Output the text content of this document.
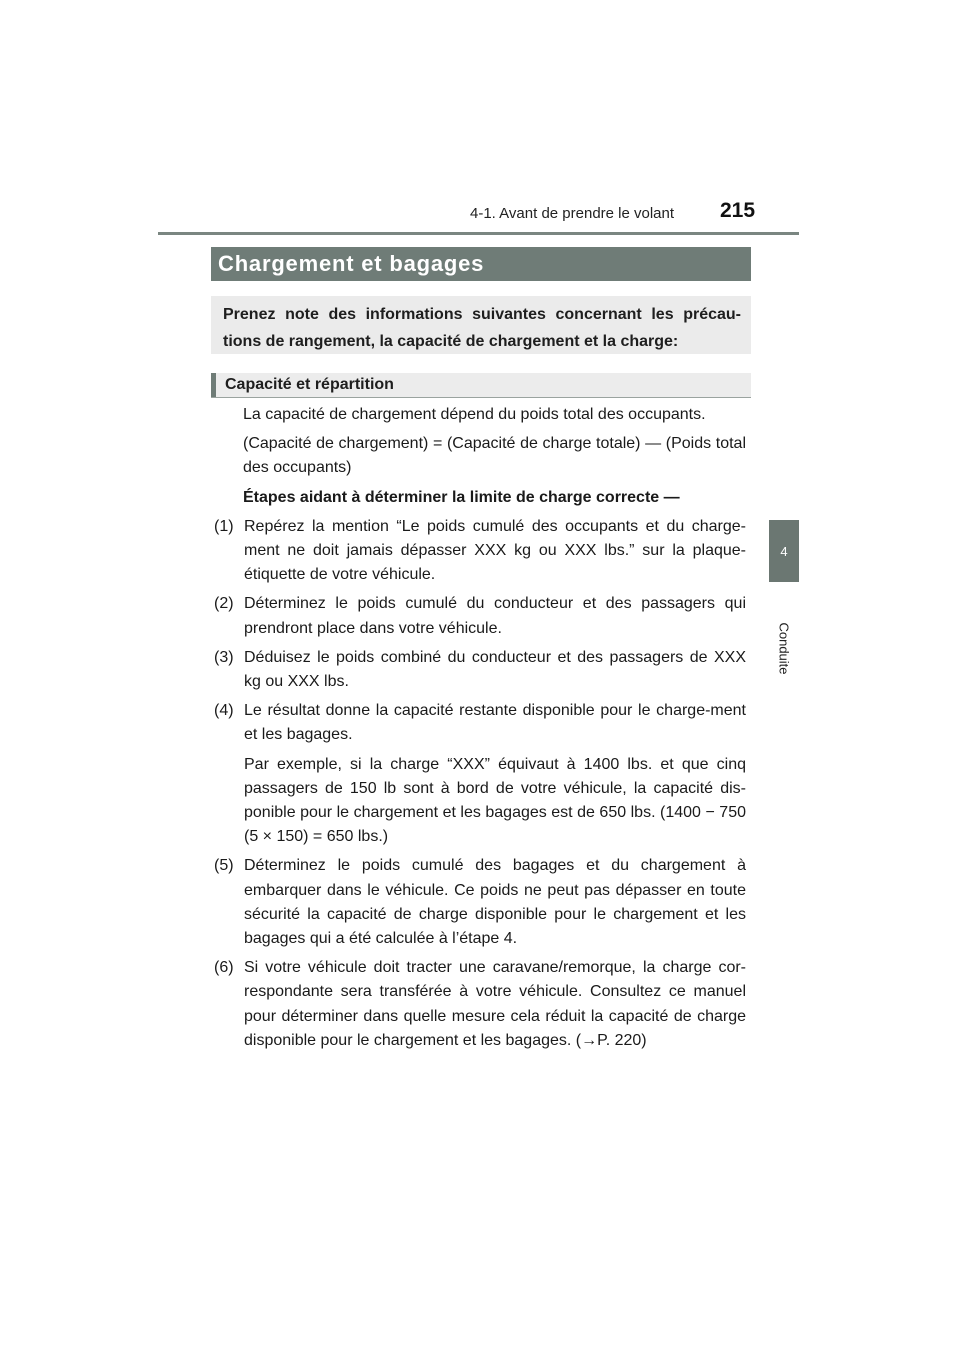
4-1. Avant de prendre le volant 215
4
Conduite
Chargement et bagages
Prenez note des informations suivantes concernant les précau-tions de rangement, la capacité de chargement et la charge:
Capacité et répartition

La capacité de chargement dépend du poids total des occupants.

(Capacité de chargement) = (Capacité de charge totale) — (Poids total des occupants)

Étapes aidant à déterminer la limite de charge correcte —

(1) Repérez la mention “Le poids cumulé des occupants et du charge-ment ne doit jamais dépasser XXX kg ou XXX lbs.” sur la plaque-étiquette de votre véhicule.
(2) Déterminez le poids cumulé du conducteur et des passagers qui prendront place dans votre véhicule.
(3) Déduisez le poids combiné du conducteur et des passagers de XXX kg ou XXX lbs.
(4) Le résultat donne la capacité restante disponible pour le charge-ment et les bagages.
Par exemple, si la charge “XXX” équivaut à 1400 lbs. et que cinq passagers de 150 lb sont à bord de votre véhicule, la capacité dis-ponible pour le chargement et les bagages est de 650 lbs. (1400 − 750 (5 × 150) = 650 lbs.)
(5) Déterminez le poids cumulé des bagages et du chargement à embarquer dans le véhicule. Ce poids ne peut pas dépasser en toute sécurité la capacité de charge disponible pour le chargement et les bagages qui a été calculée à l’étape 4.
(6) Si votre véhicule doit tracter une caravane/remorque, la charge cor-respondante sera transférée à votre véhicule. Consultez ce manuel pour déterminer dans quelle mesure cela réduit la capacité de charge disponible pour le chargement et les bagages. (→P. 220)
